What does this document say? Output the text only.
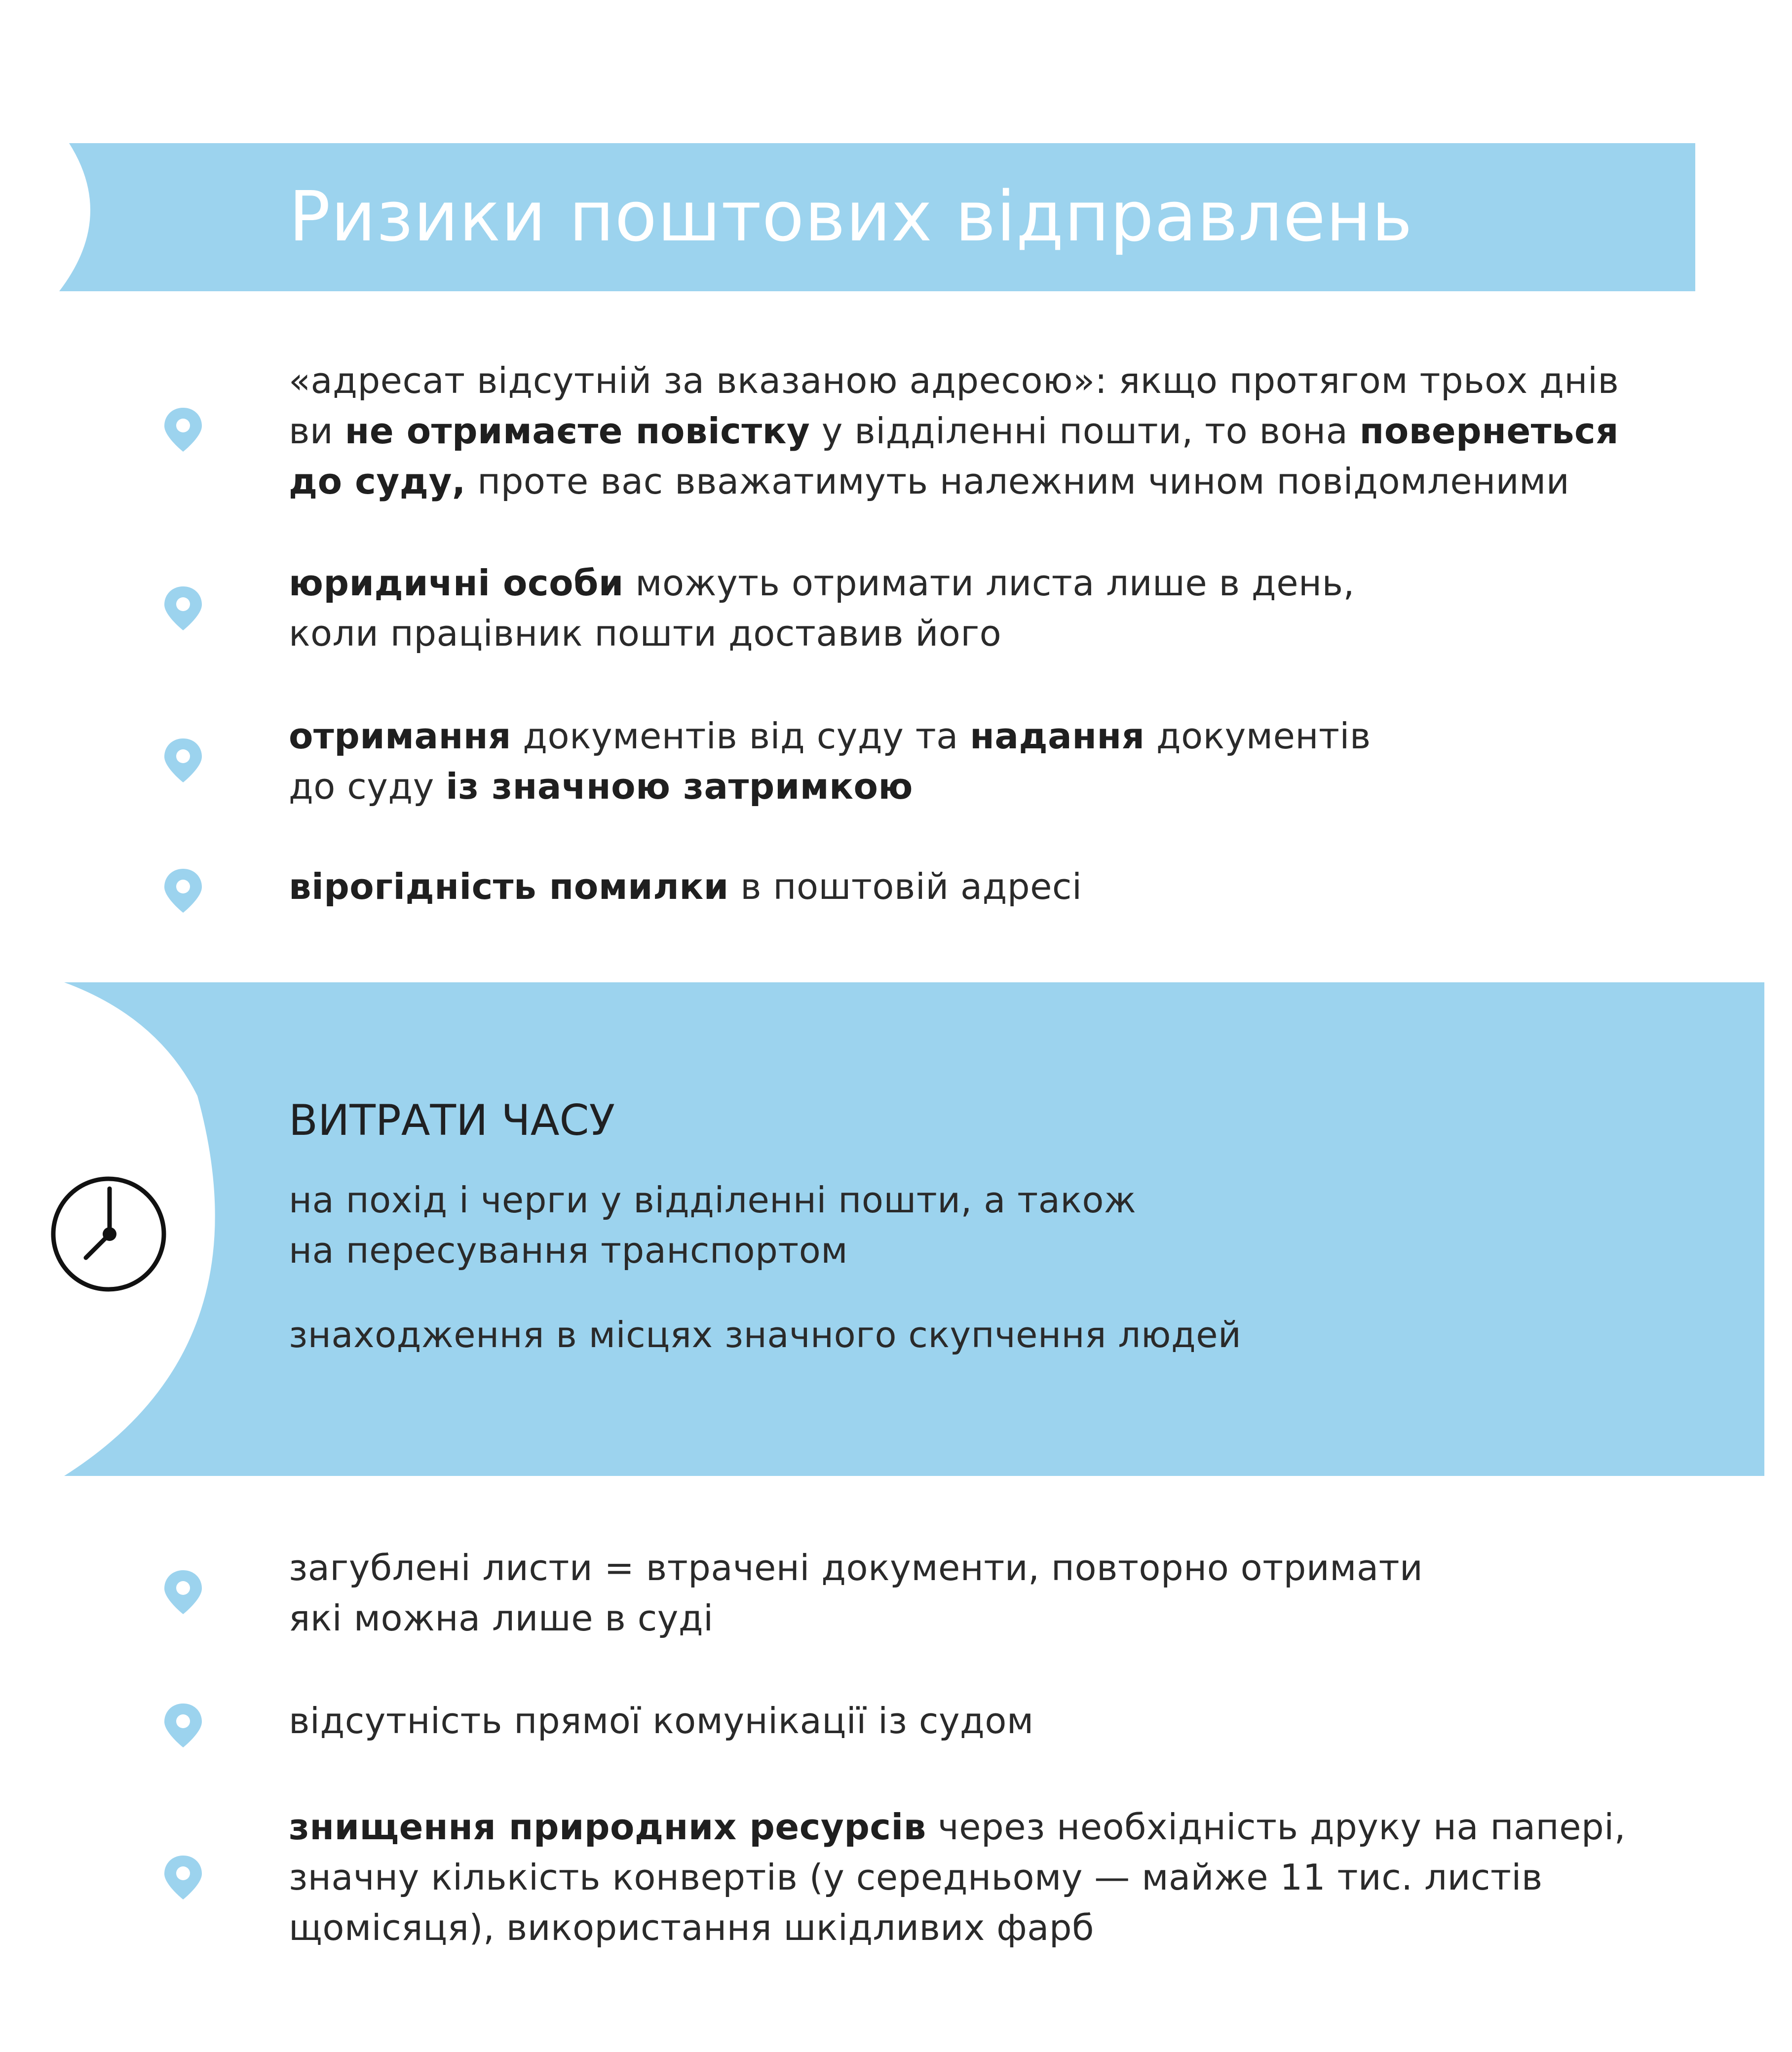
Ризики поштових відправлень
«адресат відсутній за вказаною адресою»: якщо протягом трьох днів
ви не отримаєте повістку у відділенні пошти, то вона повернеться
до суду, проте вас вважатимуть належним чином повідомленими
юридичні особи можуть отримати листа лише в день,
коли працівник пошти доставив його
отримання документів від суду та надання документів
до суду із значною затримкою
вірогідність помилки в поштовій адресі
ВИТРАТИ ЧАСУ
на похід і черги у відділенні пошти, а також
на пересування транспортом
знаходження в місцях значного скупчення людей
загублені листи = втрачені документи, повторно отримати
які можна лише в суді
відсутність прямої комунікації із судом
знищення природних ресурсів через необхідність друку на папері,
значну кількість конвертів (у середньому — майже 11 тис. листів
щомісяця), використання шкідливих фарб
